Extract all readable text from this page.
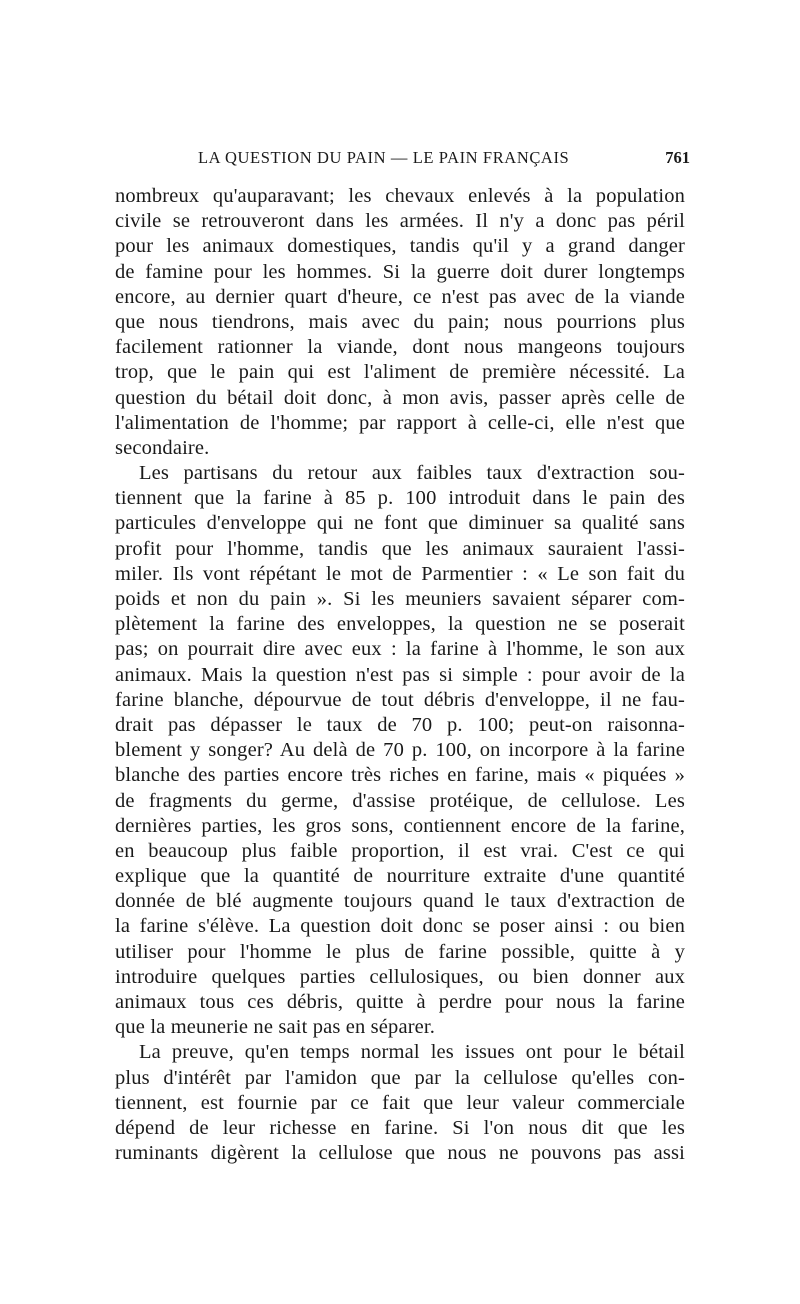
LA QUESTION DU PAIN — LE PAIN FRANÇAIS	761
nombreux qu'auparavant; les chevaux enlevés à la population
civile se retrouveront dans les armées. Il n'y a donc pas péril
pour les animaux domestiques, tandis qu'il y a grand danger
de famine pour les hommes. Si la guerre doit durer longtemps
encore, au dernier quart d'heure, ce n'est pas avec de la viande
que nous tiendrons, mais avec du pain; nous pourrions plus
facilement rationner la viande, dont nous mangeons toujours
trop, que le pain qui est l'aliment de première nécessité. La
question du bétail doit donc, à mon avis, passer après celle de
l'alimentation de l'homme; par rapport à celle-ci, elle n'est que
secondaire.
Les partisans du retour aux faibles taux d'extraction sou-
tiennent que la farine à 85 p. 100 introduit dans le pain des
particules d'enveloppe qui ne font que diminuer sa qualité sans
profit pour l'homme, tandis que les animaux sauraient l'assi-
miler. Ils vont répétant le mot de Parmentier : « Le son fait du
poids et non du pain ». Si les meuniers savaient séparer com-
plètement la farine des enveloppes, la question ne se poserait
pas; on pourrait dire avec eux : la farine à l'homme, le son aux
animaux. Mais la question n'est pas si simple : pour avoir de la
farine blanche, dépourvue de tout débris d'enveloppe, il ne fau-
drait pas dépasser le taux de 70 p. 100; peut-on raisonna-
blement y songer? Au delà de 70 p. 100, on incorpore à la farine
blanche des parties encore très riches en farine, mais « piquées »
de fragments du germe, d'assise protéique, de cellulose. Les
dernières parties, les gros sons, contiennent encore de la farine,
en beaucoup plus faible proportion, il est vrai. C'est ce qui
explique que la quantité de nourriture extraite d'une quantité
donnée de blé augmente toujours quand le taux d'extraction de
la farine s'élève. La question doit donc se poser ainsi : ou bien
utiliser pour l'homme le plus de farine possible, quitte à y
introduire quelques parties cellulosiques, ou bien donner aux
animaux tous ces débris, quitte à perdre pour nous la farine
que la meunerie ne sait pas en séparer.
La preuve, qu'en temps normal les issues ont pour le bétail
plus d'intérêt par l'amidon que par la cellulose qu'elles con-
tiennent, est fournie par ce fait que leur valeur commerciale
dépend de leur richesse en farine. Si l'on nous dit que les
ruminants digèrent la cellulose que nous ne pouvons pas assi
